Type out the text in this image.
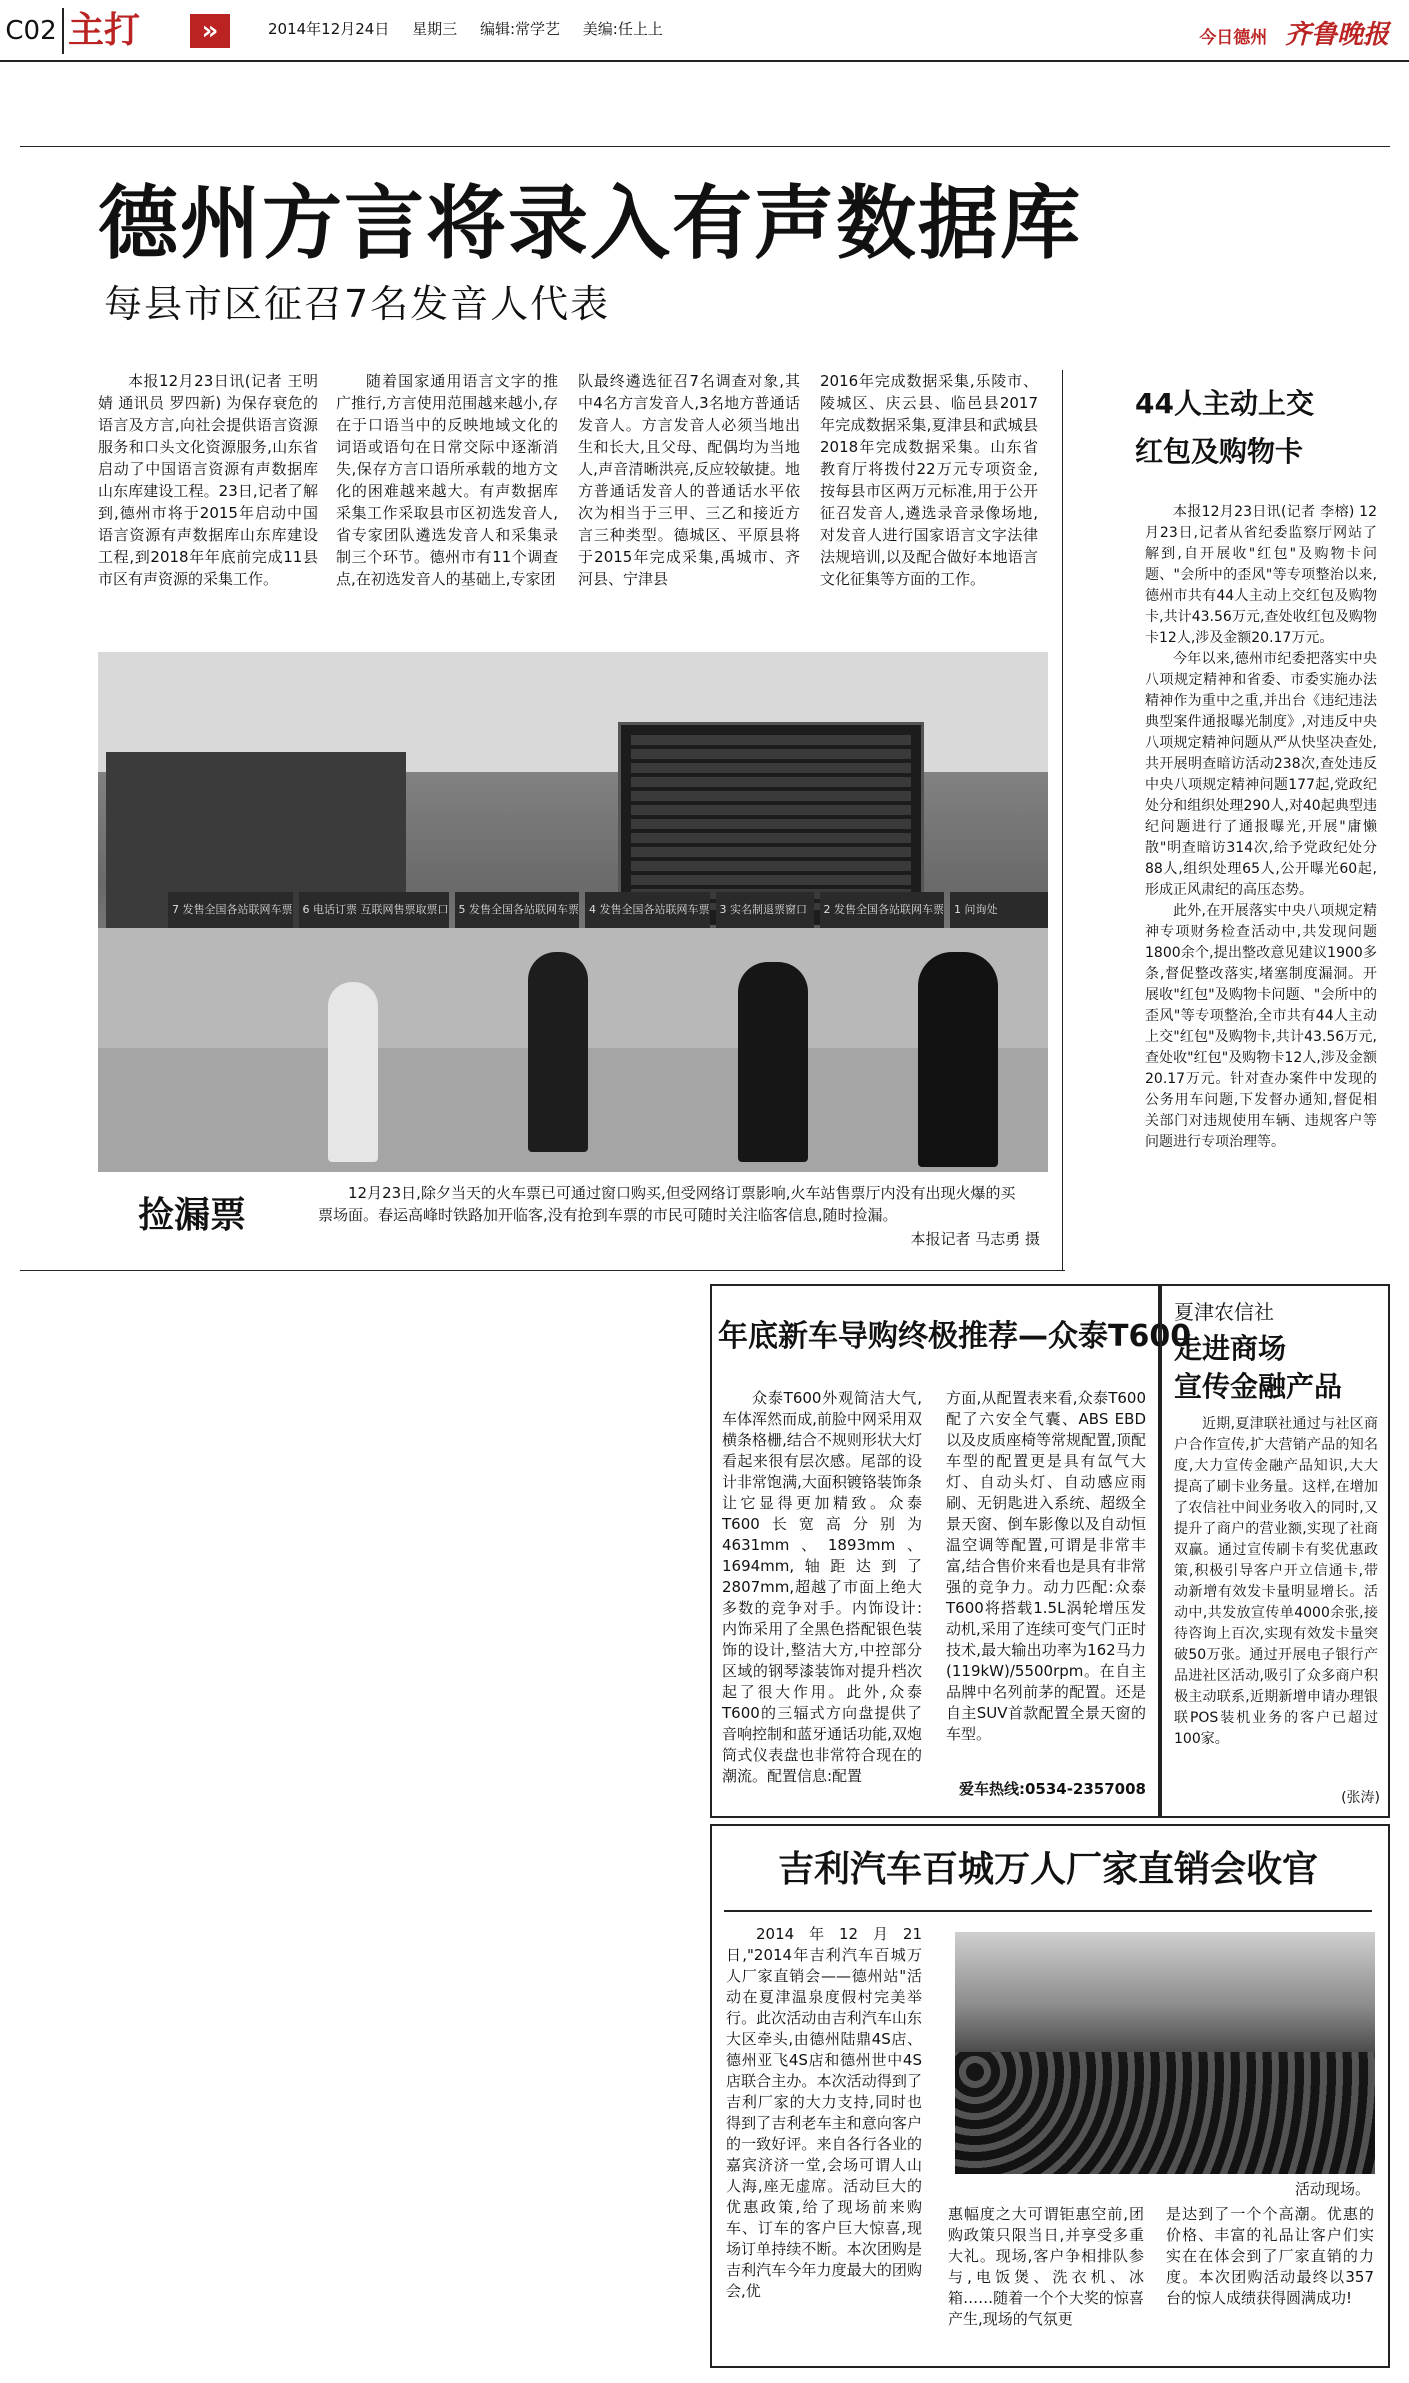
C02 主打	»	2014年12月24日 星期三 编辑:常学艺 美编:任上上	今日德州 齐鲁晚报
德州方言将录入有声数据库
每县市区征召7名发音人代表

本报12月23日讯(记者 王明婧 通讯员 罗四新) 为保存衰危的语言及方言,向社会提供语言资源服务和口头文化资源服务,山东省启动了中国语言资源有声数据库山东库建设工程。23日,记者了解到,德州市将于2015年启动中国语言资源有声数据库山东库建设工程,到2018年年底前完成11县市区有声资源的采集工作。

随着国家通用语言文字的推广推行,方言使用范围越来越小,存在于口语当中的反映地域文化的词语或语句在日常交际中逐渐消失,保存方言口语所承载的地方文化的困难越来越大。有声数据库采集工作采取县市区初选发音人,省专家团队遴选发音人和采集录制三个环节。德州市有11个调查点,在初选发音人的基础上,专家团

队最终遴选征召7名调查对象,其中4名方言发音人,3名地方普通话发音人。方言发音人必须当地出生和长大,且父母、配偶均为当地人,声音清晰洪亮,反应较敏捷。地方普通话发音人的普通话水平依次为相当于三甲、三乙和接近方言三种类型。德城区、平原县将于2015年完成采集,禹城市、齐河县、宁津县

2016年完成数据采集,乐陵市、陵城区、庆云县、临邑县2017年完成数据采集,夏津县和武城县2018年完成数据采集。山东省教育厅将拨付22万元专项资金,按每县市区两万元标准,用于公开征召发音人,遴选录音录像场地,对发音人进行国家语言文字法律法规培训,以及配合做好本地语言文化征集等方面的工作。

7 发售全国各站联网车票 6 电话订票 互联网售票取票口 5 发售全国各站联网车票 4 发售全国各站联网车票 3 实名制退票窗口	2 发售全国各站联网车票 1 问询处
捡漏票
12月23日,除夕当天的火车票已可通过窗口购买,但受网络订票影响,火车站售票厅内没有出现火爆的买票场面。春运高峰时铁路加开临客,没有抢到车票的市民可随时关注临客信息,随时捡漏。
本报记者 马志勇 摄
44人主动上交
红包及购物卡

本报12月23日讯(记者 李榕) 12月23日,记者从省纪委监察厅网站了解到,自开展收"红包"及购物卡问题、"会所中的歪风"等专项整治以来,德州市共有44人主动上交红包及购物卡,共计43.56万元,查处收红包及购物卡12人,涉及金额20.17万元。

今年以来,德州市纪委把落实中央八项规定精神和省委、市委实施办法精神作为重中之重,并出台《违纪违法典型案件通报曝光制度》,对违反中央八项规定精神问题从严从快坚决查处,共开展明查暗访活动238次,查处违反中央八项规定精神问题177起,党政纪处分和组织处理290人,对40起典型违纪问题进行了通报曝光,开展"庸懒散"明查暗访314次,给予党政纪处分88人,组织处理65人,公开曝光60起,形成正风肃纪的高压态势。

此外,在开展落实中央八项规定精神专项财务检查活动中,共发现问题1800余个,提出整改意见建议1900多条,督促整改落实,堵塞制度漏洞。开展收"红包"及购物卡问题、"会所中的歪风"等专项整治,全市共有44人主动上交"红包"及购物卡,共计43.56万元,查处收"红包"及购物卡12人,涉及金额20.17万元。针对查办案件中发现的公务用车问题,下发督办通知,督促相关部门对违规使用车辆、违规客户等问题进行专项治理等。

年底新车导购终极推荐—众泰T600

众泰T600外观简洁大气,车体浑然而成,前脸中网采用双横条格栅,结合不规则形状大灯看起来很有层次感。尾部的设计非常饱满,大面积镀铬装饰条让它显得更加精致。众泰T600长宽高分别为4631mm、1893mm、1694mm,轴距达到了2807mm,超越了市面上绝大多数的竞争对手。内饰设计:内饰采用了全黑色搭配银色装饰的设计,整洁大方,中控部分区域的钢琴漆装饰对提升档次起了很大作用。此外,众泰T600的三辐式方向盘提供了音响控制和蓝牙通话功能,双炮筒式仪表盘也非常符合现在的潮流。配置信息:配置

方面,从配置表来看,众泰T600配了六安全气囊、ABS EBD以及皮质座椅等常规配置,顶配车型的配置更是具有氙气大灯、自动头灯、自动感应雨刷、无钥匙进入系统、超级全景天窗、倒车影像以及自动恒温空调等配置,可谓是非常丰富,结合售价来看也是具有非常强的竞争力。动力匹配:众泰T600将搭载1.5L涡轮增压发动机,采用了连续可变气门正时技术,最大输出功率为162马力(119kW)/5500rpm。在自主品牌中名列前茅的配置。还是自主SUV首款配置全景天窗的车型。

爱车热线:0534-2357008
夏津农信社
走进商场
宣传金融产品

近期,夏津联社通过与社区商户合作宣传,扩大营销产品的知名度,大力宣传金融产品知识,大大提高了刷卡业务量。这样,在增加了农信社中间业务收入的同时,又提升了商户的营业额,实现了社商双赢。通过宣传刷卡有奖优惠政策,积极引导客户开立信通卡,带动新增有效发卡量明显增长。活动中,共发放宣传单4000余张,接待咨询上百次,实现有效发卡量突破50万张。通过开展电子银行产品进社区活动,吸引了众多商户积极主动联系,近期新增申请办理银联POS装机业务的客户已超过100家。

(张涛)
吉利汽车百城万人厂家直销会收官

2014年12月21日,"2014年吉利汽车百城万人厂家直销会——德州站"活动在夏津温泉度假村完美举行。此次活动由吉利汽车山东大区牵头,由德州陆鼎4S店、德州亚飞4S店和德州世中4S店联合主办。本次活动得到了吉利厂家的大力支持,同时也得到了吉利老车主和意向客户的一致好评。来自各行各业的嘉宾济济一堂,会场可谓人山人海,座无虚席。活动巨大的优惠政策,给了现场前来购车、订车的客户巨大惊喜,现场订单持续不断。本次团购是吉利汽车今年力度最大的团购会,优

活动现场。

惠幅度之大可谓钜惠空前,团购政策只限当日,并享受多重大礼。现场,客户争相排队参与,电饭煲、洗衣机、冰箱……随着一个个大奖的惊喜产生,现场的气氛更

是达到了一个个高潮。优惠的价格、丰富的礼品让客户们实实在在体会到了厂家直销的力度。本次团购活动最终以357台的惊人成绩获得圆满成功!
